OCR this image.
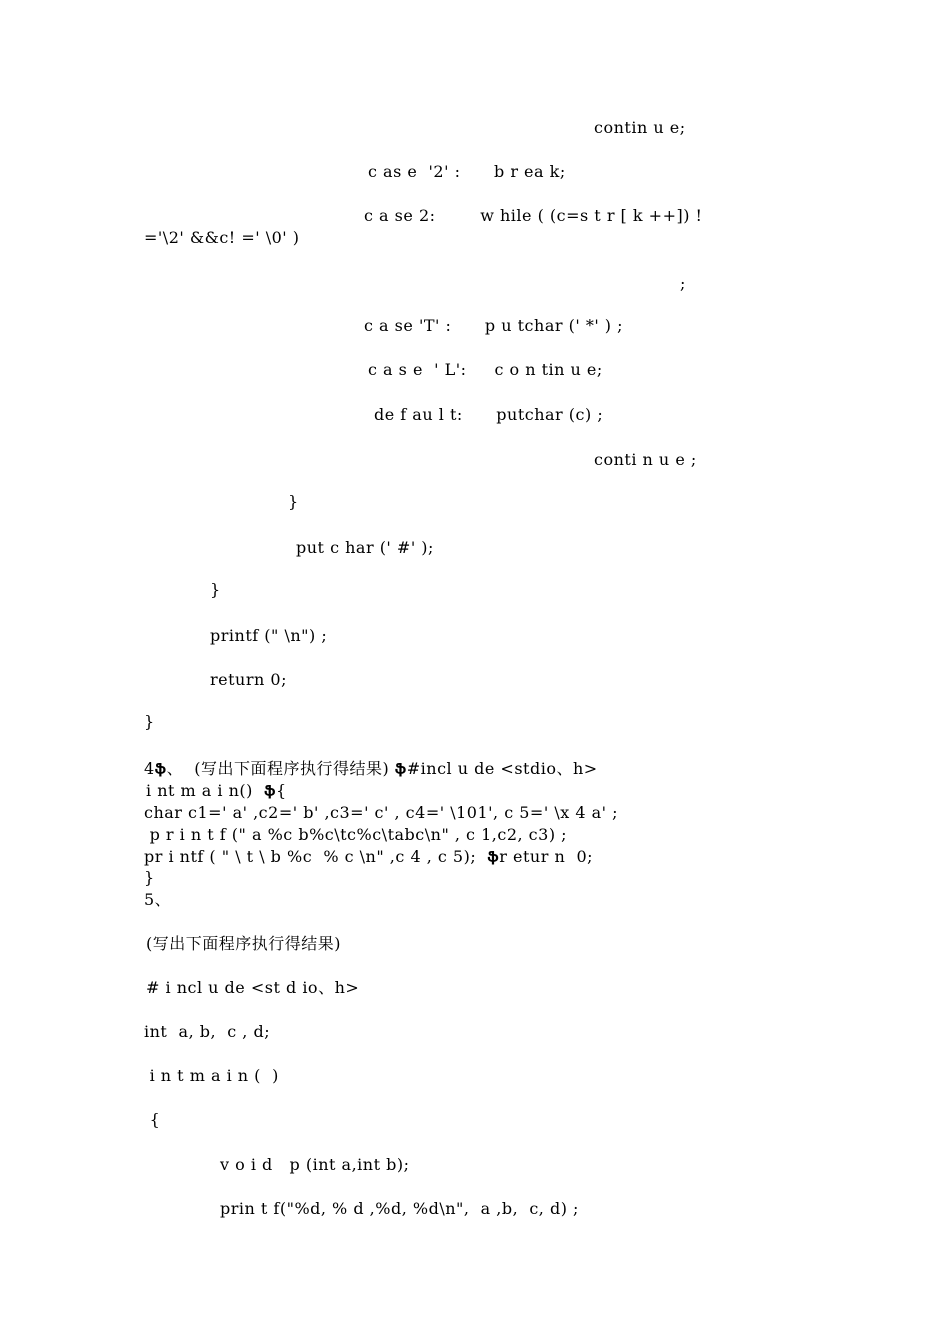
contin u e;
c as e  '2' :      b r ea k;
c a se 2:        w hile ( (c=s t r [ k ++]) !
='\2' &&c! =' \0' )
;
c a se 'T' :      p u tchar (' *' ) ;
c a s e  ' L':     c o n tin u e;
de f au l t:      putchar (c) ;
conti n u e ;
}
put c har (' #' );
}
printf (" \n") ;
return 0;
}
4ֆ、  (写出下面程序执行得结果) ֆ#incl u de <stdio、h>
i nt m a i n() ֆ{
char c1=' a' ,c2=' b' ,c3=' c' , c4=' \101', c 5=' \x 4 a' ;
p r i n t f (" a %c b%c\tc%c\tabc\n" , c 1,c2, c3) ;
pr i ntf ( " \ t \ b %c  % c \n" ,c 4 , c 5); ֆr etur n  0;
}
5、
(写出下面程序执行得结果)
# i ncl u de <st d io、h>
int  a, b,  c , d;
i n t m a i n (  )
{
v o i d   p (int a,int b);
prin t f("%d, % d ,%d, %d\n",  a ,b,  c, d) ;
